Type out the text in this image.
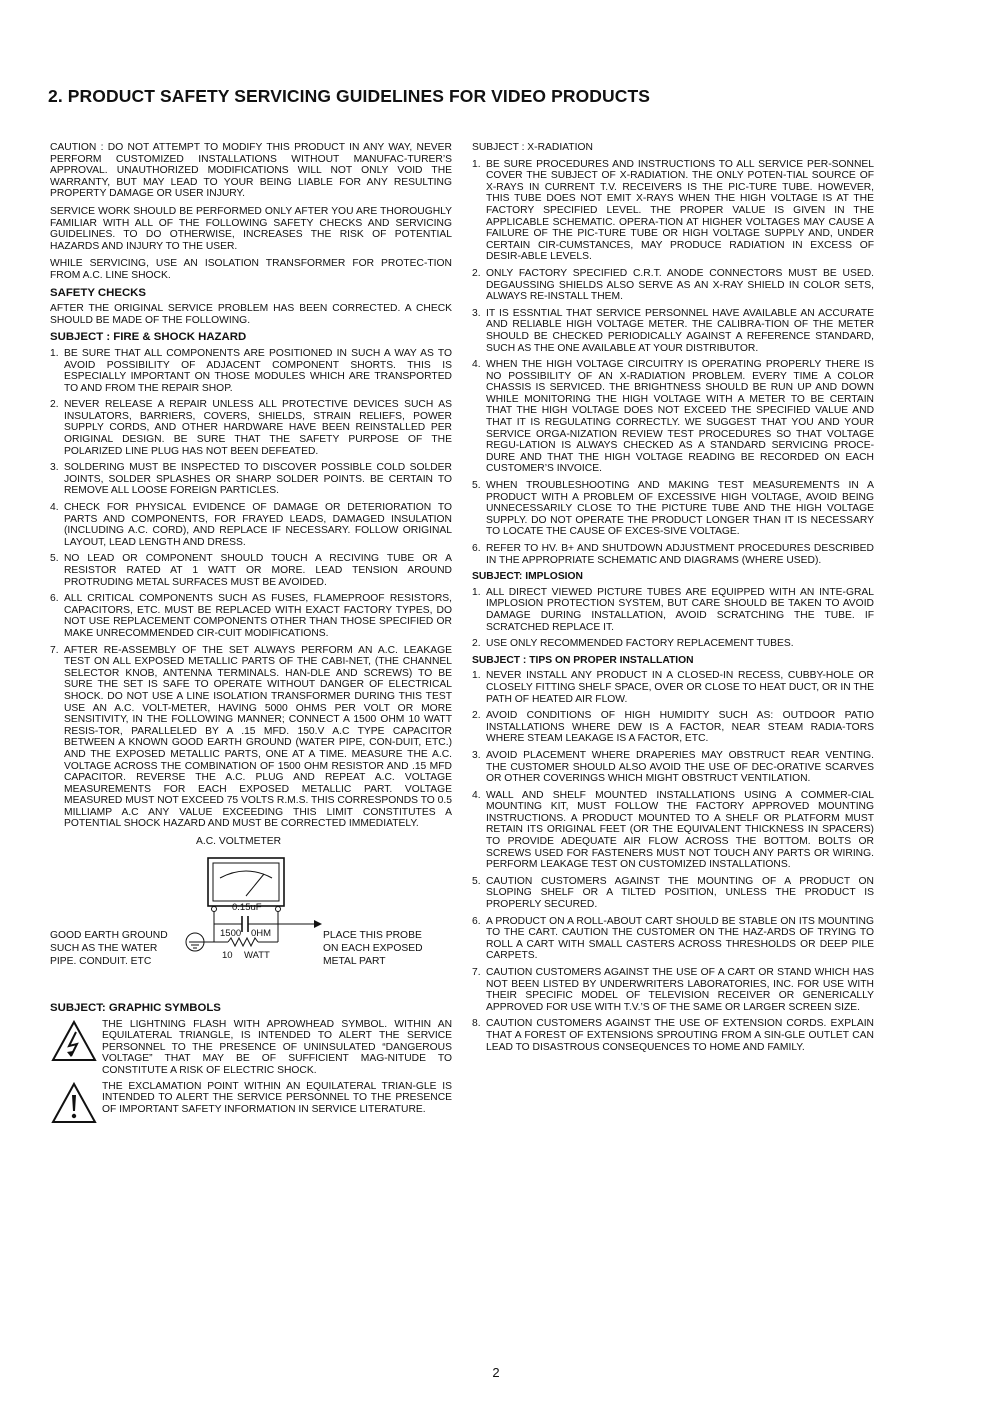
2. PRODUCT SAFETY SERVICING GUIDELINES FOR VIDEO PRODUCTS

CAUTION : DO NOT ATTEMPT TO MODIFY THIS PRODUCT IN ANY WAY, NEVER PERFORM CUSTOMIZED INSTALLATIONS WITHOUT MANUFAC-TURER’S APPROVAL. UNAUTHORIZED MODIFICATIONS WILL NOT ONLY VOID THE WARRANTY, BUT MAY LEAD TO YOUR BEING LIABLE FOR ANY RESULTING PROPERTY DAMAGE OR USER INJURY.

SERVICE WORK SHOULD BE PERFORMED ONLY AFTER YOU ARE THOROUGHLY FAMILIAR WITH ALL OF THE FOLLOWING SAFETY CHECKS AND SERVICING GUIDELINES. TO DO OTHERWISE, INCREASES THE RISK OF POTENTIAL HAZARDS AND INJURY TO THE USER.

WHILE SERVICING, USE AN ISOLATION TRANSFORMER FOR PROTEC-TION FROM A.C. LINE SHOCK.

SAFETY CHECKS

AFTER THE ORIGINAL SERVICE PROBLEM HAS BEEN CORRECTED. A CHECK SHOULD BE MADE OF THE FOLLOWING.

SUBJECT : FIRE & SHOCK HAZARD
1. BE SURE THAT ALL COMPONENTS ARE POSITIONED IN SUCH A WAY AS TO AVOID POSSIBILITY OF ADJACENT COMPONENT SHORTS. THIS IS ESPECIALLY IMPORTANT ON THOSE MODULES WHICH ARE TRANSPORTED TO AND FROM THE REPAIR SHOP.
2. NEVER RELEASE A REPAIR UNLESS ALL PROTECTIVE DEVICES SUCH AS INSULATORS, BARRIERS, COVERS, SHIELDS, STRAIN RELIEFS, POWER SUPPLY CORDS, AND OTHER HARDWARE HAVE BEEN REINSTALLED PER ORIGINAL DESIGN. BE SURE THAT THE SAFETY PURPOSE OF THE POLARIZED LINE PLUG HAS NOT BEEN DEFEATED.
3. SOLDERING MUST BE INSPECTED TO DISCOVER POSSIBLE COLD SOLDER JOINTS, SOLDER SPLASHES OR SHARP SOLDER POINTS. BE CERTAIN TO REMOVE ALL LOOSE FOREIGN PARTICLES.
4. CHECK FOR PHYSICAL EVIDENCE OF DAMAGE OR DETERIORATION TO PARTS AND COMPONENTS, FOR FRAYED LEADS, DAMAGED INSULATION (INCLUDING A.C. CORD), AND REPLACE IF NECESSARY. FOLLOW ORIGINAL LAYOUT, LEAD LENGTH AND DRESS.
5. NO LEAD OR COMPONENT SHOULD TOUCH A RECIVING TUBE OR A RESISTOR RATED AT 1 WATT OR MORE. LEAD TENSION AROUND PROTRUDING METAL SURFACES MUST BE AVOIDED.
6. ALL CRITICAL COMPONENTS SUCH AS FUSES, FLAMEPROOF RESISTORS, CAPACITORS, ETC. MUST BE REPLACED WITH EXACT FACTORY TYPES, DO NOT USE REPLACEMENT COMPONENTS OTHER THAN THOSE SPECIFIED OR MAKE UNRECOMMENDED CIR-CUIT MODIFICATIONS.
7. AFTER RE-ASSEMBLY OF THE SET ALWAYS PERFORM AN A.C. LEAKAGE TEST ON ALL EXPOSED METALLIC PARTS OF THE CABI-NET, (THE CHANNEL SELECTOR KNOB, ANTENNA TERMINALS. HAN-DLE AND SCREWS) TO BE SURE THE SET IS SAFE TO OPERATE WITHOUT DANGER OF ELECTRICAL SHOCK. DO NOT USE A LINE ISOLATION TRANSFORMER DURING THIS TEST USE AN A.C. VOLT-METER, HAVING 5000 OHMS PER VOLT OR MORE SENSITIVITY, IN THE FOLLOWING MANNER; CONNECT A 1500 OHM 10 WATT RESIS-TOR, PARALLELED BY A .15 MFD. 150.V A.C TYPE CAPACITOR BETWEEN A KNOWN GOOD EARTH GROUND (WATER PIPE, CON-DUIT, ETC.) AND THE EXPOSED METALLIC PARTS, ONE AT A TIME. MEASURE THE A.C. VOLTAGE ACROSS THE COMBINATION OF 1500 OHM RESISTOR AND .15 MFD CAPACITOR. REVERSE THE A.C. PLUG AND REPEAT A.C. VOLTAGE MEASUREMENTS FOR EACH EXPOSED METALLIC PART. VOLTAGE MEASURED MUST NOT EXCEED 75 VOLTS R.M.S. THIS CORRESPONDS TO 0.5 MILLIAMP A.C ANY VALUE EXCEEDING THIS LIMIT CONSTITUTES A POTENTIAL SHOCK HAZARD AND MUST BE CORRECTED IMMEDIATELY.
A.C. VOLTMETER
0.15uF
1500 0HM
10 WATT
GOOD EARTH GROUND
SUCH AS THE WATER
PIPE. CONDUIT. ETC
PLACE THIS PROBE
ON EACH EXPOSED
METAL PART
SUBJECT: GRAPHIC SYMBOLS
THE LIGHTNING FLASH WITH APROWHEAD SYMBOL. WITHIN AN EQUILATERAL TRIANGLE, IS INTENDED TO ALERT THE SERVICE PERSONNEL TO THE PRESENCE OF UNINSULATED “DANGEROUS VOLTAGE” THAT MAY BE OF SUFFICIENT MAG-NITUDE TO CONSTITUTE A RISK OF ELECTRIC SHOCK.
THE EXCLAMATION POINT WITHIN AN EQUILATERAL TRIAN-GLE IS INTENDED TO ALERT THE SERVICE PERSONNEL TO THE PRESENCE OF IMPORTANT SAFETY INFORMATION IN SERVICE LITERATURE.
SUBJECT : X-RADIATION
1. BE SURE PROCEDURES AND INSTRUCTIONS TO ALL SERVICE PER-SONNEL COVER THE SUBJECT OF X-RADIATION. THE ONLY POTEN-TIAL SOURCE OF X-RAYS IN CURRENT T.V. RECEIVERS IS THE PIC-TURE TUBE. HOWEVER, THIS TUBE DOES NOT EMIT X-RAYS WHEN THE HIGH VOLTAGE IS AT THE FACTORY SPECIFIED LEVEL. THE PROPER VALUE IS GIVEN IN THE APPLICABLE SCHEMATIC. OPERA-TION AT HIGHER VOLTAGES MAY CAUSE A FAILURE OF THE PIC-TURE TUBE OR HIGH VOLTAGE SUPPLY AND, UNDER CERTAIN CIR-CUMSTANCES, MAY PRODUCE RADIATION IN EXCESS OF DESIR-ABLE LEVELS.
2. ONLY FACTORY SPECIFIED C.R.T. ANODE CONNECTORS MUST BE USED. DEGAUSSING SHIELDS ALSO SERVE AS AN X-RAY SHIELD IN COLOR SETS, ALWAYS RE-INSTALL THEM.
3. IT IS ESSNTIAL THAT SERVICE PERSONNEL HAVE AVAILABLE AN ACCURATE AND RELIABLE HIGH VOLTAGE METER. THE CALIBRA-TION OF THE METER SHOULD BE CHECKED PERIODICALLY AGAINST A REFERENCE STANDARD, SUCH AS THE ONE AVAILABLE AT YOUR DISTRIBUTOR.
4. WHEN THE HIGH VOLTAGE CIRCUITRY IS OPERATING PROPERLY THERE IS NO POSSIBILITY OF AN X-RADIATION PROBLEM. EVERY TIME A COLOR CHASSIS IS SERVICED. THE BRIGHTNESS SHOULD BE RUN UP AND DOWN WHILE MONITORING THE HIGH VOLTAGE WITH A METER TO BE CERTAIN THAT THE HIGH VOLTAGE DOES NOT EXCEED THE SPECIFIED VALUE AND THAT IT IS REGULATING CORRECTLY. WE SUGGEST THAT YOU AND YOUR SERVICE ORGA-NIZATION REVIEW TEST PROCEDURES SO THAT VOLTAGE REGU-LATION IS ALWAYS CHECKED AS A STANDARD SERVICING PROCE-DURE AND THAT THE HIGH VOLTAGE READING BE RECORDED ON EACH CUSTOMER’S INVOICE.
5. WHEN TROUBLESHOOTING AND MAKING TEST MEASUREMENTS IN A PRODUCT WITH A PROBLEM OF EXCESSIVE HIGH VOLTAGE, AVOID BEING UNNECESSARILY CLOSE TO THE PICTURE TUBE AND THE HIGH VOLTAGE SUPPLY. DO NOT OPERATE THE PRODUCT LONGER THAN IT IS NECESSARY TO LOCATE THE CAUSE OF EXCES-SIVE VOLTAGE.
6. REFER TO HV. B+ AND SHUTDOWN ADJUSTMENT PROCEDURES DESCRIBED IN THE APPROPRIATE SCHEMATIC AND DIAGRAMS (WHERE USED).
SUBJECT: IMPLOSION
1. ALL DIRECT VIEWED PICTURE TUBES ARE EQUIPPED WITH AN INTE-GRAL IMPLOSION PROTECTION SYSTEM, BUT CARE SHOULD BE TAKEN TO AVOID DAMAGE DURING INSTALLATION, AVOID SCRATCHING THE TUBE. IF SCRATCHED REPLACE IT.
2. USE ONLY RECOMMENDED FACTORY REPLACEMENT TUBES.
SUBJECT : TIPS ON PROPER INSTALLATION
1. NEVER INSTALL ANY PRODUCT IN A CLOSED-IN RECESS, CUBBY-HOLE OR CLOSELY FITTING SHELF SPACE, OVER OR CLOSE TO HEAT DUCT, OR IN THE PATH OF HEATED AIR FLOW.
2. AVOID CONDITIONS OF HIGH HUMIDITY SUCH AS: OUTDOOR PATIO INSTALLATIONS WHERE DEW IS A FACTOR, NEAR STEAM RADIA-TORS WHERE STEAM LEAKAGE IS A FACTOR, ETC.
3. AVOID PLACEMENT WHERE DRAPERIES MAY OBSTRUCT REAR VENTING. THE CUSTOMER SHOULD ALSO AVOID THE USE OF DEC-ORATIVE SCARVES OR OTHER COVERINGS WHICH MIGHT OBSTRUCT VENTILATION.
4. WALL AND SHELF MOUNTED INSTALLATIONS USING A COMMER-CIAL MOUNTING KIT, MUST FOLLOW THE FACTORY APPROVED MOUNTING INSTRUCTIONS. A PRODUCT MOUNTED TO A SHELF OR PLATFORM MUST RETAIN ITS ORIGINAL FEET (OR THE EQUIVALENT THICKNESS IN SPACERS) TO PROVIDE ADEQUATE AIR FLOW ACROSS THE BOTTOM. BOLTS OR SCREWS USED FOR FASTENERS MUST NOT TOUCH ANY PARTS OR WIRING. PERFORM LEAKAGE TEST ON CUSTOMIZED INSTALLATIONS.
5. CAUTION CUSTOMERS AGAINST THE MOUNTING OF A PRODUCT ON SLOPING SHELF OR A TILTED POSITION, UNLESS THE PRODUCT IS PROPERLY SECURED.
6. A PRODUCT ON A ROLL-ABOUT CART SHOULD BE STABLE ON ITS MOUNTING TO THE CART. CAUTION THE CUSTOMER ON THE HAZ-ARDS OF TRYING TO ROLL A CART WITH SMALL CASTERS ACROSS THRESHOLDS OR DEEP PILE CARPETS.
7. CAUTION CUSTOMERS AGAINST THE USE OF A CART OR STAND WHICH HAS NOT BEEN LISTED BY UNDERWRITERS LABORATORIES, INC. FOR USE WITH THEIR SPECIFIC MODEL OF TELEVISION RECEIVER OR GENERICALLY APPROVED FOR USE WITH T.V.’S OF THE SAME OR LARGER SCREEN SIZE.
8. CAUTION CUSTOMERS AGAINST THE USE OF EXTENSION CORDS. EXPLAIN THAT A FOREST OF EXTENSIONS SPROUTING FROM A SIN-GLE OUTLET CAN LEAD TO DISASTROUS CONSEQUENCES TO HOME AND FAMILY.
2
